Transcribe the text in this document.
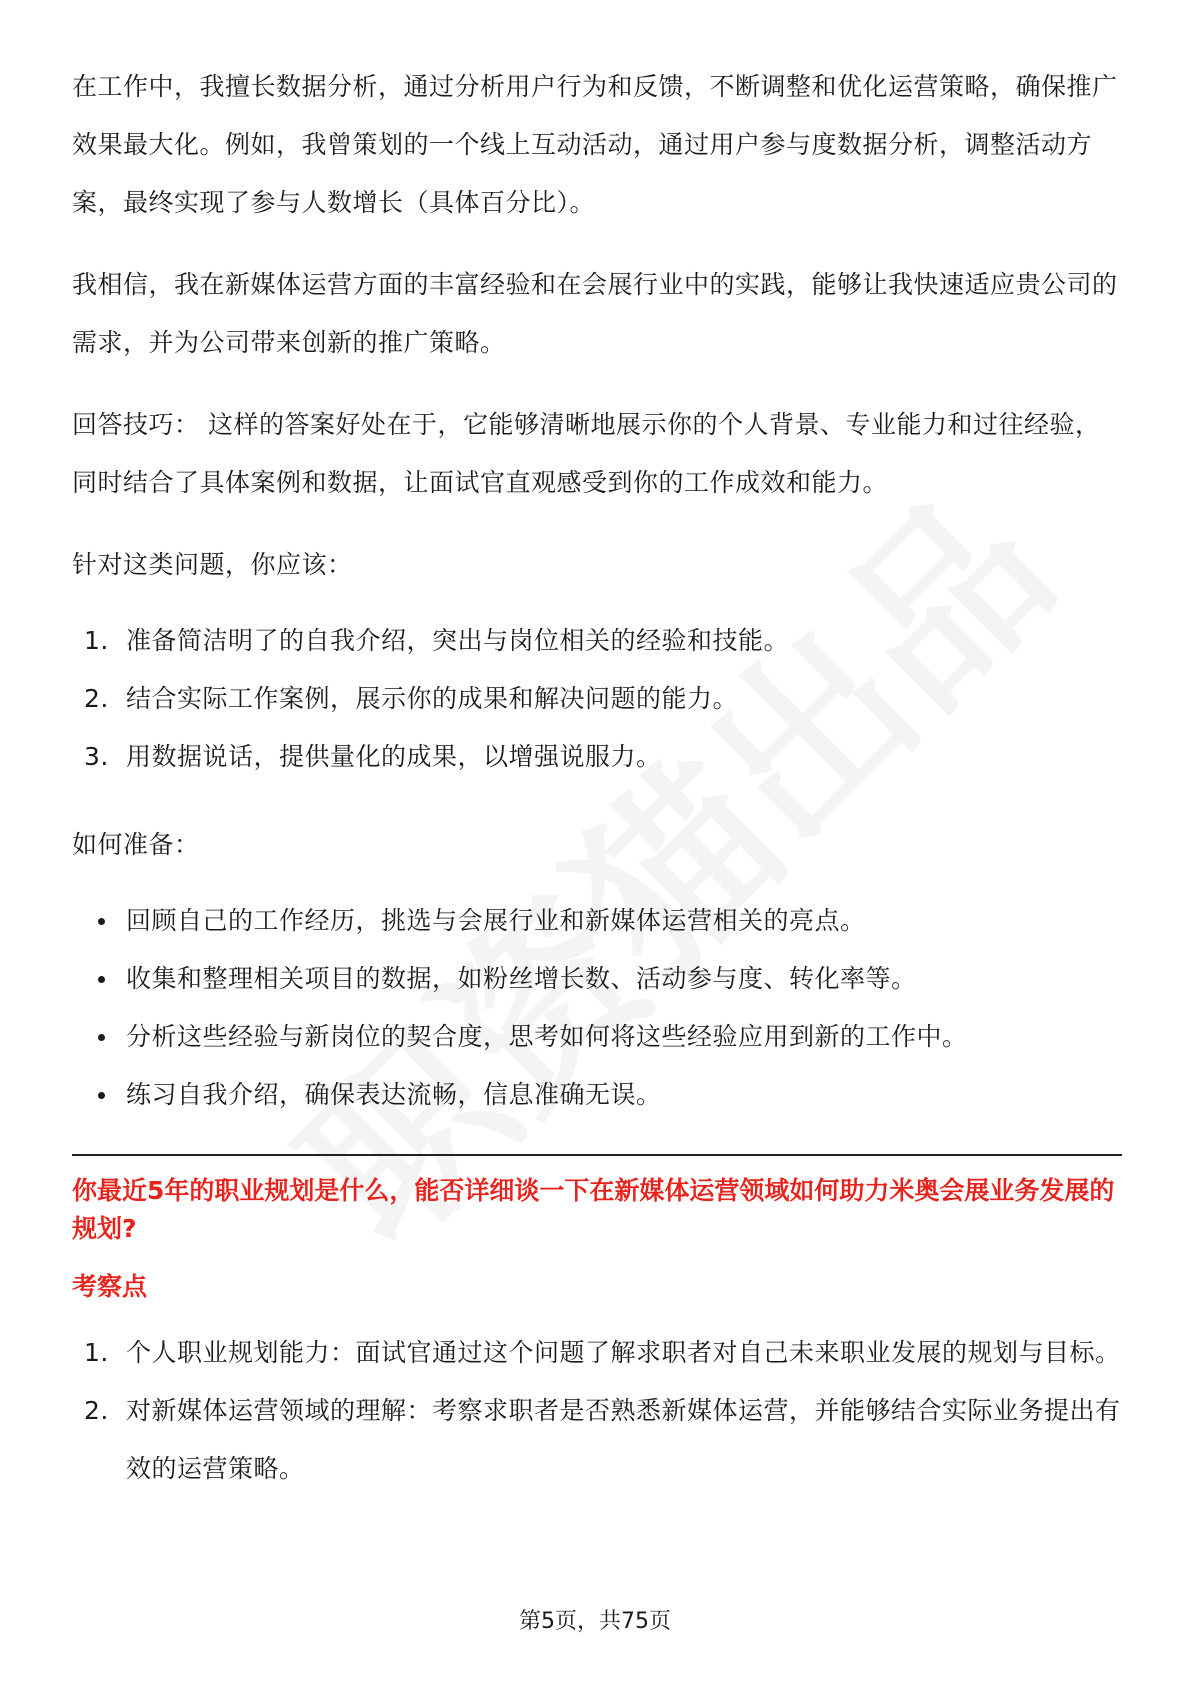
在工作中，我擅长数据分析，通过分析用户行为和反馈，不断调整和优化运营策略，确保推广效果最大化。例如，我曾策划的一个线上互动活动，通过用户参与度数据分析，调整活动方案，最终实现了参与人数增长（具体百分比）。

我相信，我在新媒体运营方面的丰富经验和在会展行业中的实践，能够让我快速适应贵公司的需求，并为公司带来创新的推广策略。

回答技巧： 这样的答案好处在于，它能够清晰地展示你的个人背景、专业能力和过往经验，同时结合了具体案例和数据，让面试官直观感受到你的工作成效和能力。

针对这类问题，你应该：

1. 准备简洁明了的自我介绍，突出与岗位相关的经验和技能。
2. 结合实际工作案例，展示你的成果和解决问题的能力。
3. 用数据说话，提供量化的成果，以增强说服力。

如何准备：

回顾自己的工作经历，挑选与会展行业和新媒体运营相关的亮点。
收集和整理相关项目的数据，如粉丝增长数、活动参与度、转化率等。
分析这些经验与新岗位的契合度，思考如何将这些经验应用到新的工作中。
练习自我介绍，确保表达流畅，信息准确无误。
你最近5年的职业规划是什么，能否详细谈一下在新媒体运营领域如何助力米奥会展业务发展的规划?
考察点
1. 个人职业规划能力：面试官通过这个问题了解求职者对自己未来职业发展的规划与目标。
2. 对新媒体运营领域的理解：考察求职者是否熟悉新媒体运营，并能够结合实际业务提出有效的运营策略。
第5页，共75页
